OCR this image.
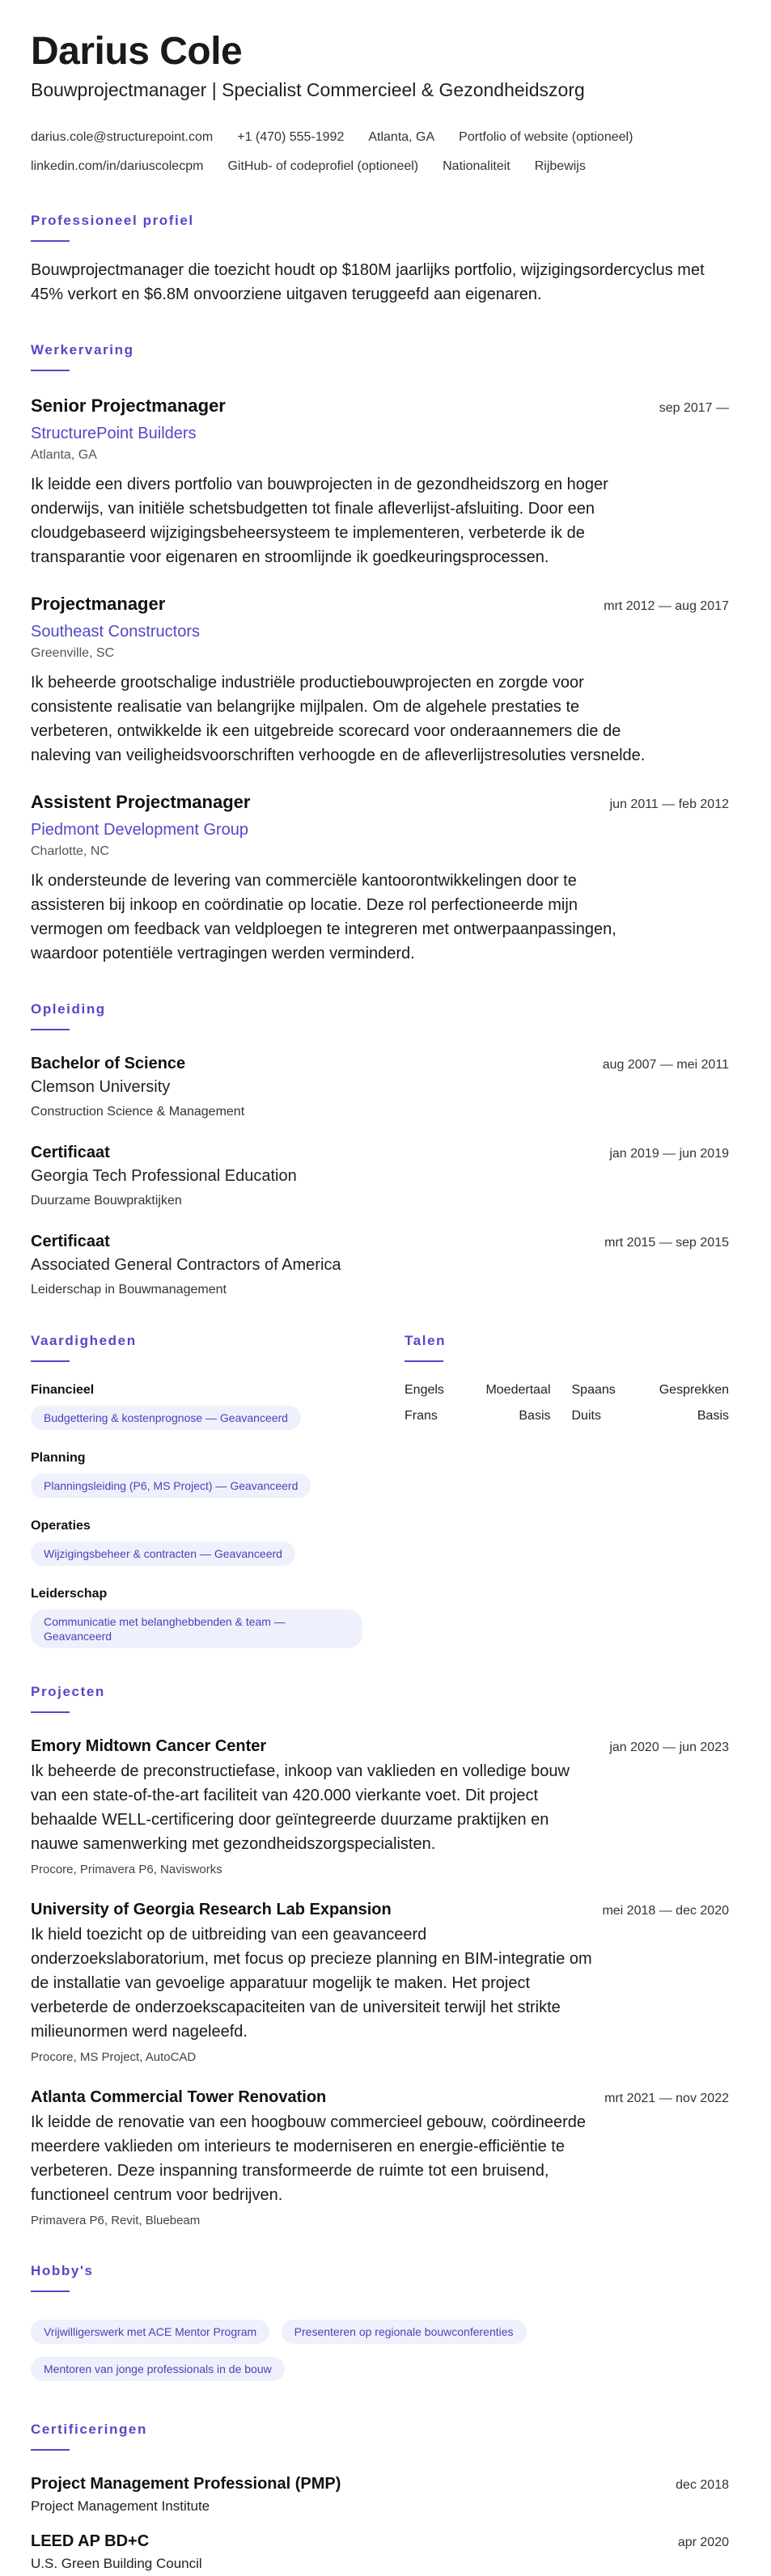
Darius Cole
Bouwprojectmanager | Specialist Commercieel & Gezondheidszorg
darius.cole@structurepoint.com +1 (470) 555-1992 Atlanta, GA Portfolio of website (optioneel)
linkedin.com/in/dariuscolecpm GitHub- of codeprofiel (optioneel) Nationaliteit Rijbewijs
Professioneel profiel
Bouwprojectmanager die toezicht houdt op $180M jaarlijks portfolio, wijzigingsordercyclus met 45% verkort en $6.8M onvoorziene uitgaven teruggeefd aan eigenaren.
Werkervaring
Senior Projectmanager	sep 2017 —
StructurePoint Builders
Atlanta, GA
Ik leidde een divers portfolio van bouwprojecten in de gezondheidszorg en hoger onderwijs, van initiële schetsbudgetten tot finale afleverlijst-afsluiting. Door een cloudgebaseerd wijzigingsbeheersysteem te implementeren, verbeterde ik de transparantie voor eigenaren en stroomlijnde ik goedkeuringsprocessen.
Projectmanager	mrt 2012 — aug 2017
Southeast Constructors
Greenville, SC
Ik beheerde grootschalige industriële productiebouwprojecten en zorgde voor consistente realisatie van belangrijke mijlpalen. Om de algehele prestaties te verbeteren, ontwikkelde ik een uitgebreide scorecard voor onderaannemers die de naleving van veiligheidsvoorschriften verhoogde en de afleverlijstresoluties versnelde.
Assistent Projectmanager	jun 2011 — feb 2012
Piedmont Development Group
Charlotte, NC
Ik ondersteunde de levering van commerciële kantoorontwikkelingen door te assisteren bij inkoop en coördinatie op locatie. Deze rol perfectioneerde mijn vermogen om feedback van veldploegen te integreren met ontwerpaanpassingen, waardoor potentiële vertragingen werden verminderd.
Opleiding
Bachelor of Science	aug 2007 — mei 2011
Clemson University
Construction Science & Management
Certificaat	jan 2019 — jun 2019
Georgia Tech Professional Education
Duurzame Bouwpraktijken
Certificaat	mrt 2015 — sep 2015
Associated General Contractors of America
Leiderschap in Bouwmanagement
Vaardigheden
Financieel
Budgettering & kostenprognose — Geavanceerd
Planning
Planningsleiding (P6, MS Project) — Geavanceerd
Operaties
Wijzigingsbeheer & contracten — Geavanceerd
Leiderschap
Communicatie met belanghebbenden & team — Geavanceerd
Talen
Engels	Moedertaal Spaans	Gesprekken
Frans	Basis Duits	Basis
Projecten
Emory Midtown Cancer Center	jan 2020 — jun 2023
Ik beheerde de preconstructiefase, inkoop van vaklieden en volledige bouw van een state-of-the-art faciliteit van 420.000 vierkante voet. Dit project behaalde WELL-certificering door geïntegreerde duurzame praktijken en nauwe samenwerking met gezondheidszorgspecialisten.
Procore, Primavera P6, Navisworks
University of Georgia Research Lab Expansion	mei 2018 — dec 2020
Ik hield toezicht op de uitbreiding van een geavanceerd onderzoekslaboratorium, met focus op precieze planning en BIM-integratie om de installatie van gevoelige apparatuur mogelijk te maken. Het project verbeterde de onderzoekscapaciteiten van de universiteit terwijl het strikte milieunormen werd nageleefd.
Procore, MS Project, AutoCAD
Atlanta Commercial Tower Renovation	mrt 2021 — nov 2022
Ik leidde de renovatie van een hoogbouw commercieel gebouw, coördineerde meerdere vaklieden om interieurs te moderniseren en energie-efficiëntie te verbeteren. Deze inspanning transformeerde de ruimte tot een bruisend, functioneel centrum voor bedrijven.
Primavera P6, Revit, Bluebeam
Hobby's
Vrijwilligerswerk met ACE Mentor Program	Presenteren op regionale bouwconferenties
Mentoren van jonge professionals in de bouw
Certificeringen
Project Management Professional (PMP)	dec 2018
Project Management Institute
LEED AP BD+C	apr 2020
U.S. Green Building Council
